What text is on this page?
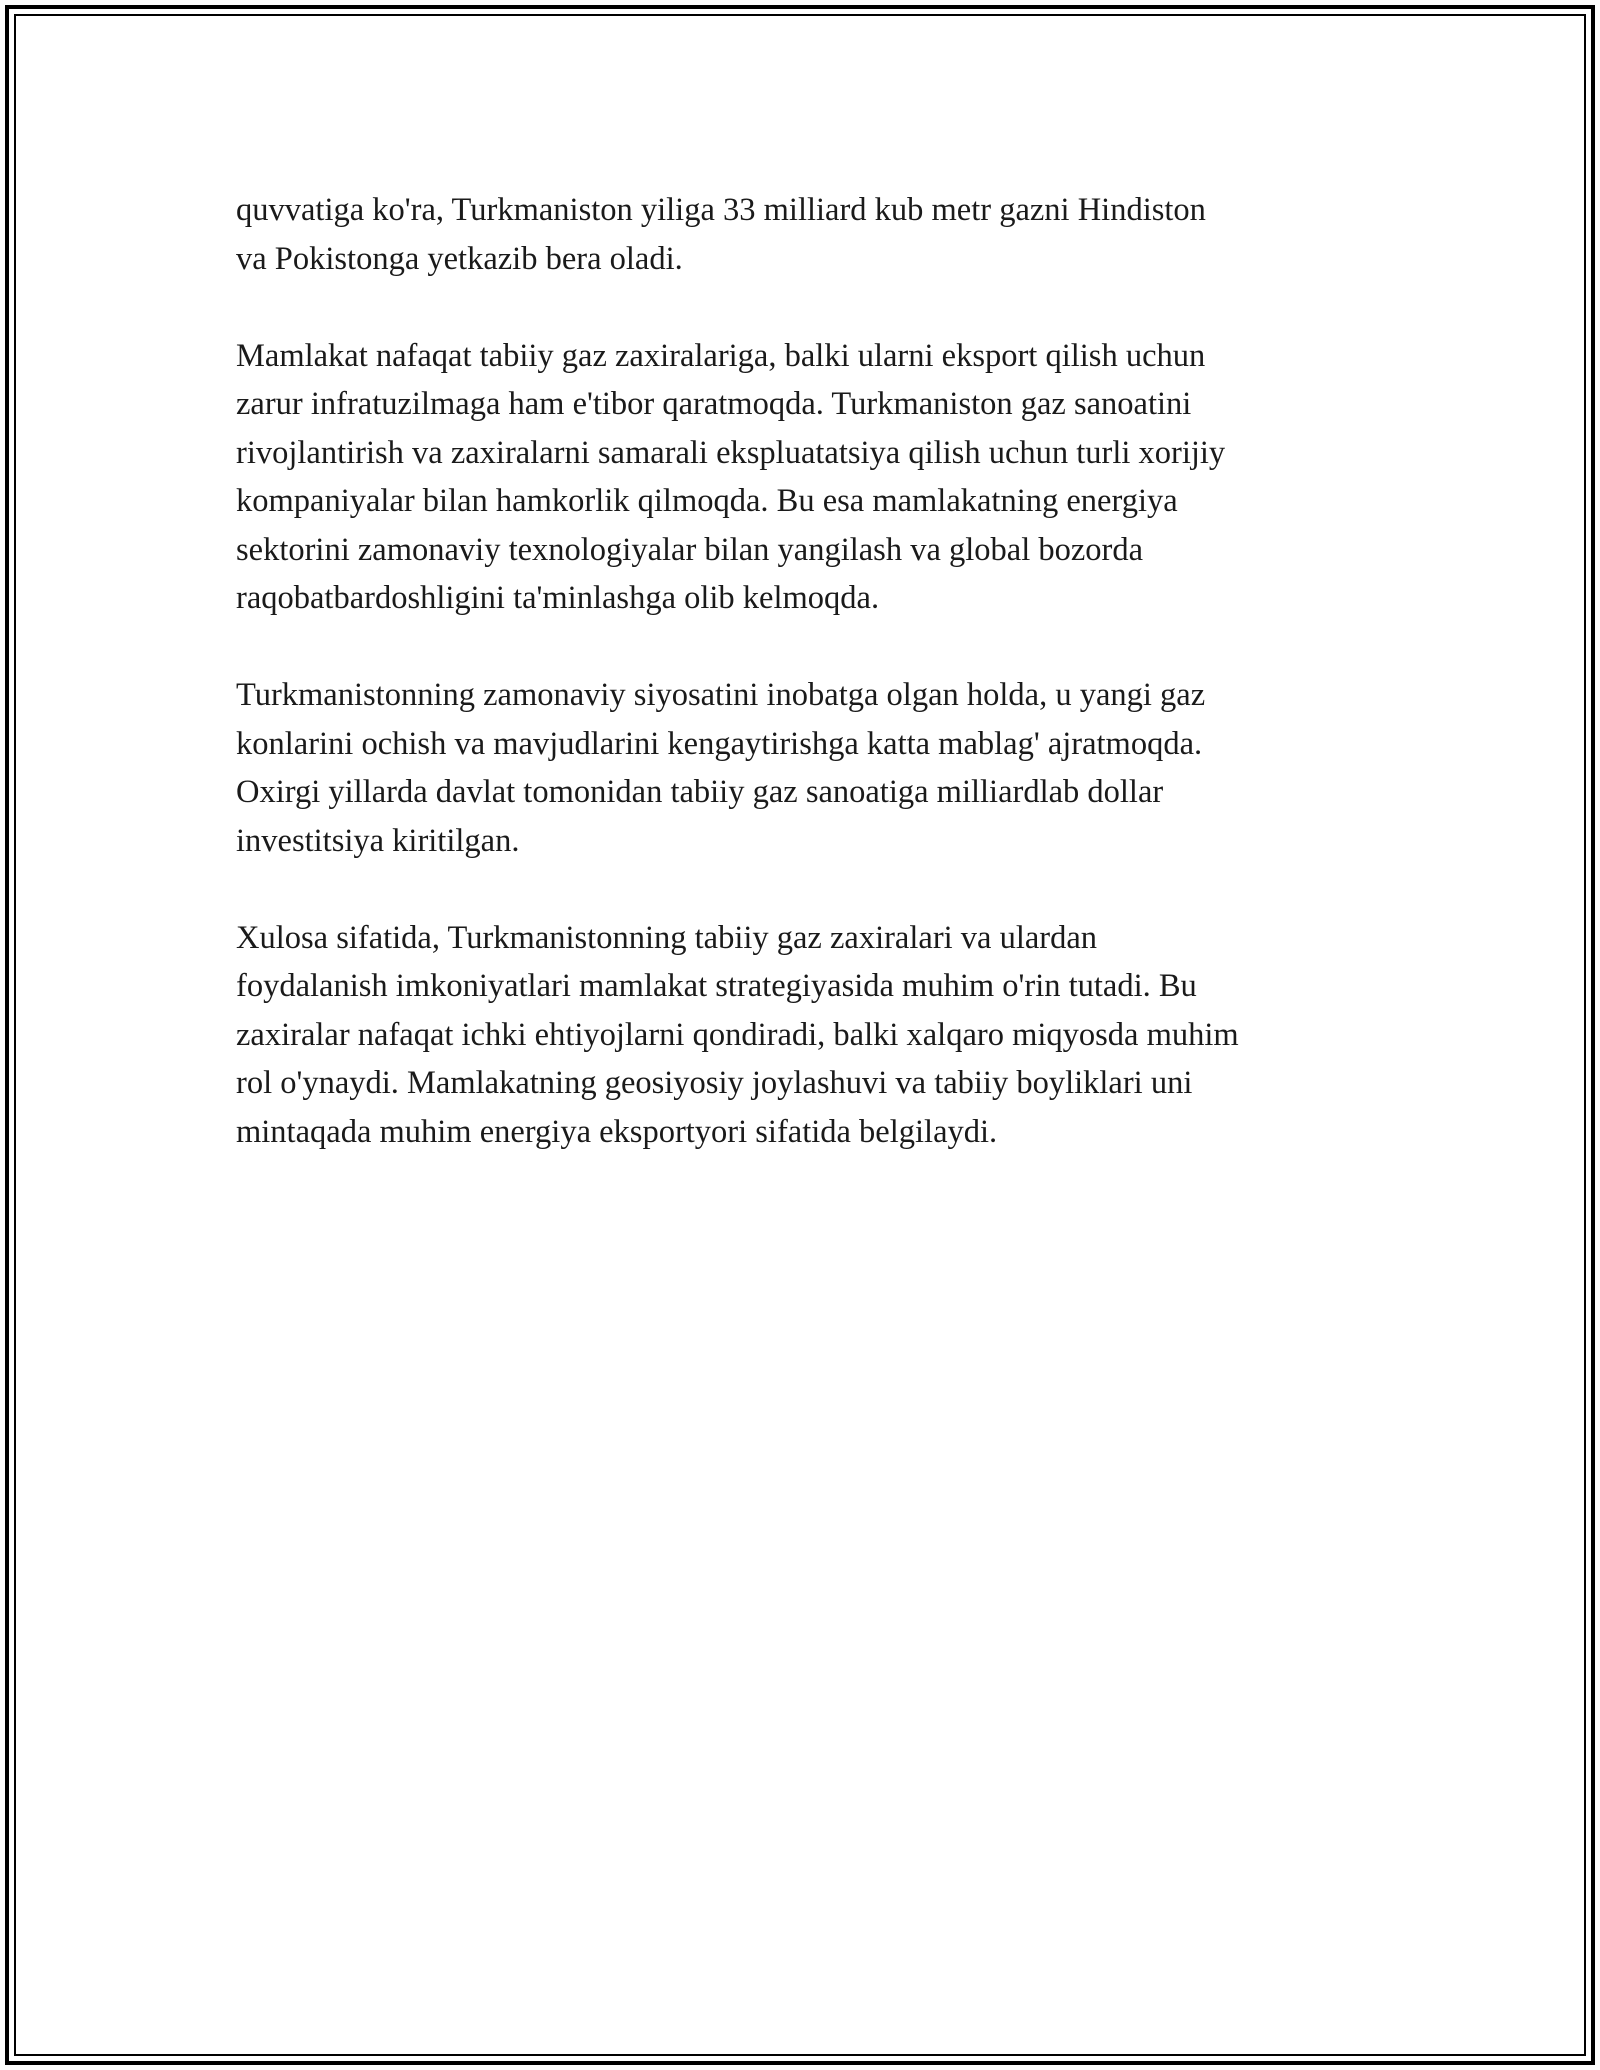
quvvatiga ko'ra, Turkmaniston yiliga 33 milliard kub metr gazni Hindiston
va Pokistonga yetkazib bera oladi.

Mamlakat nafaqat tabiiy gaz zaxiralariga, balki ularni eksport qilish uchun
zarur infratuzilmaga ham e'tibor qaratmoqda. Turkmaniston gaz sanoatini
rivojlantirish va zaxiralarni samarali ekspluatatsiya qilish uchun turli xorijiy
kompaniyalar bilan hamkorlik qilmoqda. Bu esa mamlakatning energiya
sektorini zamonaviy texnologiyalar bilan yangilash va global bozorda
raqobatbardoshligini ta'minlashga olib kelmoqda.

Turkmanistonning zamonaviy siyosatini inobatga olgan holda, u yangi gaz
konlarini ochish va mavjudlarini kengaytirishga katta mablag' ajratmoqda.
Oxirgi yillarda davlat tomonidan tabiiy gaz sanoatiga milliardlab dollar
investitsiya kiritilgan.

Xulosa sifatida, Turkmanistonning tabiiy gaz zaxiralari va ulardan
foydalanish imkoniyatlari mamlakat strategiyasida muhim o'rin tutadi. Bu
zaxiralar nafaqat ichki ehtiyojlarni qondiradi, balki xalqaro miqyosda muhim
rol o'ynaydi. Mamlakatning geosiyosiy joylashuvi va tabiiy boyliklari uni
mintaqada muhim energiya eksportyori sifatida belgilaydi.
